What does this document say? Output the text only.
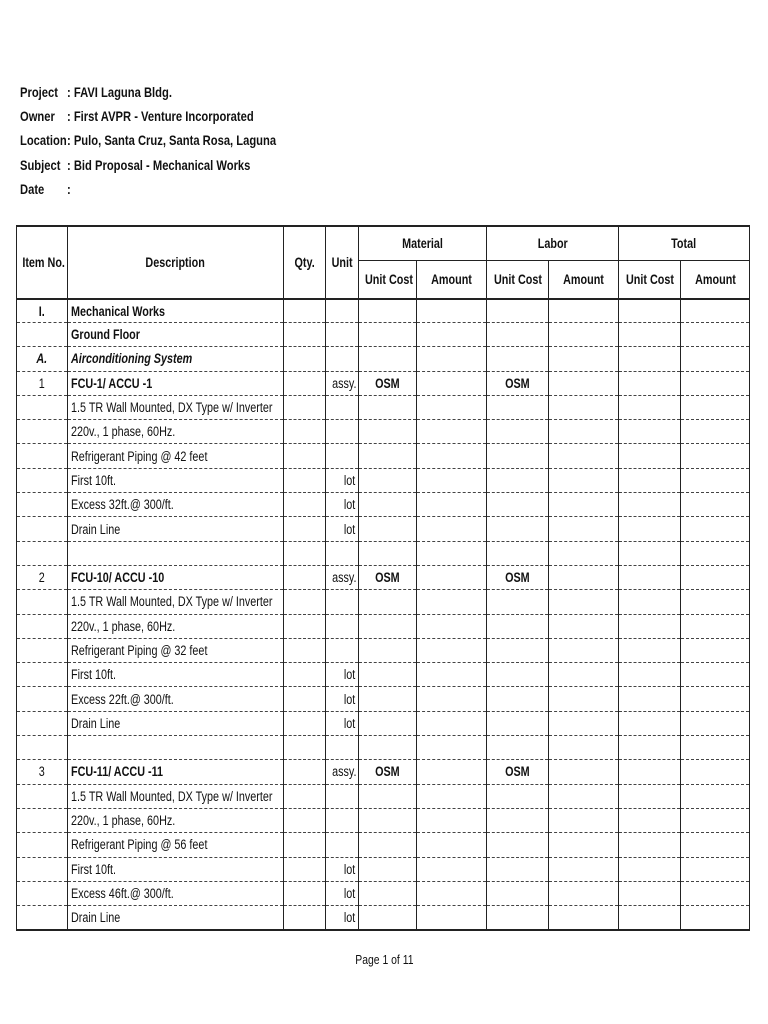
Project : FAVI Laguna Bldg.
Owner : First AVPR - Venture Incorporated
Location : Pulo, Santa Cruz, Santa Rosa, Laguna
Subject : Bid Proposal - Mechanical Works
Date :
Item No.	Description	Qty.	Unit	Material		Labor		Total	
				Unit Cost	Amount	Unit Cost	Amount	Unit Cost	Amount
I.	Mechanical Works								
	Ground Floor								
A.	Airconditioning System								
1	FCU-1/ ACCU -1		assy.	OSM		OSM			
	1.5 TR Wall Mounted, DX Type w/ Inverter								
	220v., 1 phase, 60Hz.								
	Refrigerant Piping @ 42 feet								
	First 10ft.		lot						
	Excess 32ft.@ 300/ft.		lot						
	Drain Line		lot						

2	FCU-10/ ACCU -10		assy.	OSM		OSM			
	1.5 TR Wall Mounted, DX Type w/ Inverter								
	220v., 1 phase, 60Hz.								
	Refrigerant Piping @ 32 feet								
	First 10ft.		lot						
	Excess 22ft.@ 300/ft.		lot						
	Drain Line		lot						

3	FCU-11/ ACCU -11		assy.	OSM		OSM			
	1.5 TR Wall Mounted, DX Type w/ Inverter								
	220v., 1 phase, 60Hz.								
	Refrigerant Piping @ 56 feet								
	First 10ft.		lot						
	Excess 46ft.@ 300/ft.		lot						
	Drain Line		lot						
Page 1 of 11
